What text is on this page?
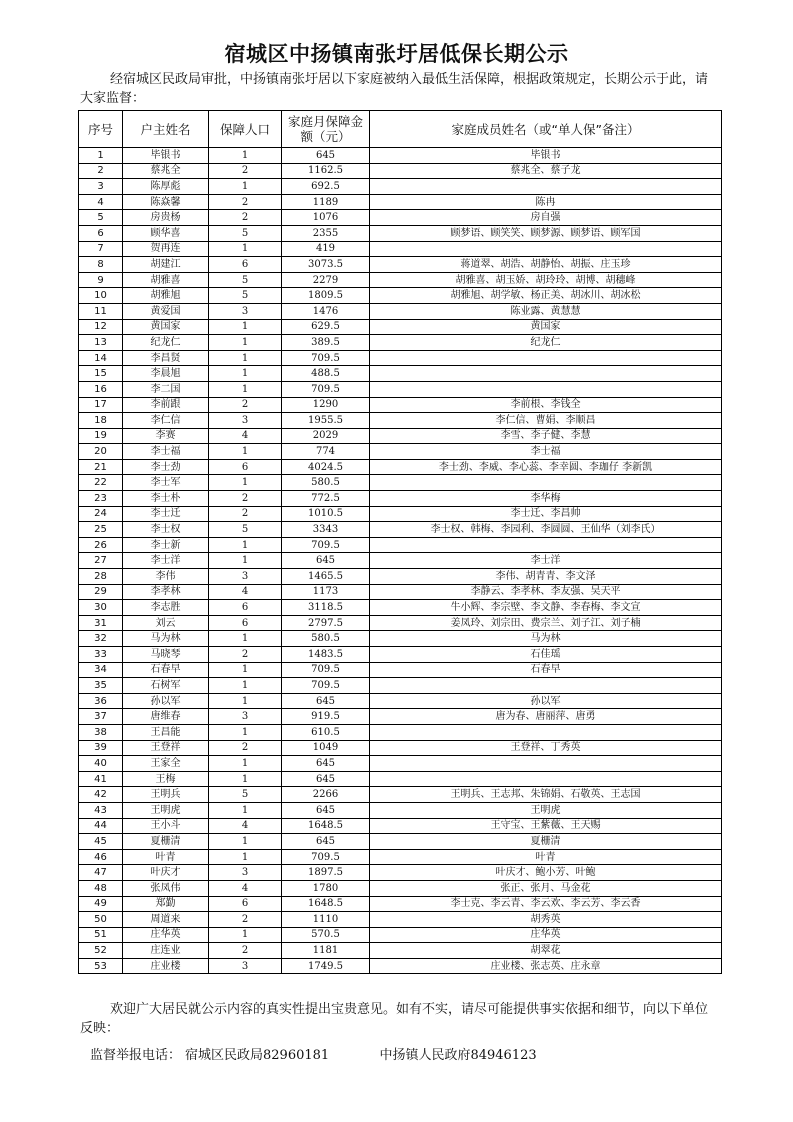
宿城区中扬镇南张圩居低保长期公示

经宿城区民政局审批，中扬镇南张圩居以下家庭被纳入最低生活保障，根据政策规定，长期公示于此，请大家监督：

序号	户主姓名	保障人口	家庭月保障金额（元）	家庭成员姓名（或“单人保”备注）
1	毕银书	1	645	毕银书
2	蔡兆全	2	1162.5	蔡兆全、蔡子龙
3	陈厚彪	1	692.5	
4	陈焱馨	2	1189	陈冉
5	房贵杨	2	1076	房自强
6	顾华喜	5	2355	顾梦语、顾笑笑、顾梦源、顾梦语、顾军国
7	贺再连	1	419	
8	胡建江	6	3073.5	蒋道翠、胡浩、胡静怡、胡振、庄玉珍
9	胡雅喜	5	2279	胡雅喜、胡玉娇、胡玲玲、胡博、胡穗峰
10	胡雅旭	5	1809.5	胡雅旭、胡学敏、杨正美、胡冰川、胡冰松
11	黄爱国	3	1476	陈业露、黄慧慧
12	黄国家	1	629.5	黄国家
13	纪龙仁	1	389.5	纪龙仁
14	李昌贤	1	709.5	
15	李晨旭	1	488.5	
16	李二国	1	709.5	
17	李前跟	2	1290	李前根、李钱全
18	李仁信	3	1955.5	李仁信、曹娟、李顺昌
19	李赛	4	2029	李雪、李子健、李慧
20	李士福	1	774	李士福
21	李士劲	6	4024.5	李士劲、李威、李心蕊、李幸圆、李珈仔 李新凯
22	李士军	1	580.5	
23	李士朴	2	772.5	李华梅
24	李士迁	2	1010.5	李士迁、李昌帅
25	李士权	5	3343	李士权、韩梅、李园利、李圆圆、王仙华（刘李氏）
26	李士新	1	709.5	
27	李士洋	1	645	李士洋
28	李伟	3	1465.5	李伟、胡青青、李文泽
29	李孝林	4	1173	李静云、李孝林、李友强、吴天平
30	李志胜	6	3118.5	牛小辉、李宗壁、李文静、李春梅、李文宣
31	刘云	6	2797.5	姜凤玲、刘宗田、费宗兰、刘子江、刘子楠
32	马为林	1	580.5	马为林
33	马晓琴	2	1483.5	石佳瑶
34	石春早	1	709.5	石春早
35	石树军	1	709.5	
36	孙以军	1	645	孙以军
37	唐维春	3	919.5	唐为春、唐丽萍、唐勇
38	王昌能	1	610.5	
39	王登祥	2	1049	王登祥、丁秀英
40	王家全	1	645	
41	王梅	1	645	
42	王明兵	5	2266	王明兵、王志邦、朱锦娟、石敬英、王志国
43	王明虎	1	645	王明虎
44	王小斗	4	1648.5	王守宝、王紫薇、王天赐
45	夏栅清	1	645	夏栅清
46	叶青	1	709.5	叶青
47	叶庆才	3	1897.5	叶庆才、鲍小芳、叶鲍
48	张凤伟	4	1780	张正、张月、马金花
49	郑勤	6	1648.5	李士克、李云青、李云欢、李云芳、李云香
50	周道来	2	1110	胡秀英
51	庄华英	1	570.5	庄华英
52	庄连业	2	1181	胡翠花
53	庄业楼	3	1749.5	庄业楼、张志英、庄永章

欢迎广大居民就公示内容的真实性提出宝贵意见。如有不实，请尽可能提供事实依据和细节，向以下单位反映：

监督举报电话： 宿城区民政局82960181	中扬镇人民政府84946123
